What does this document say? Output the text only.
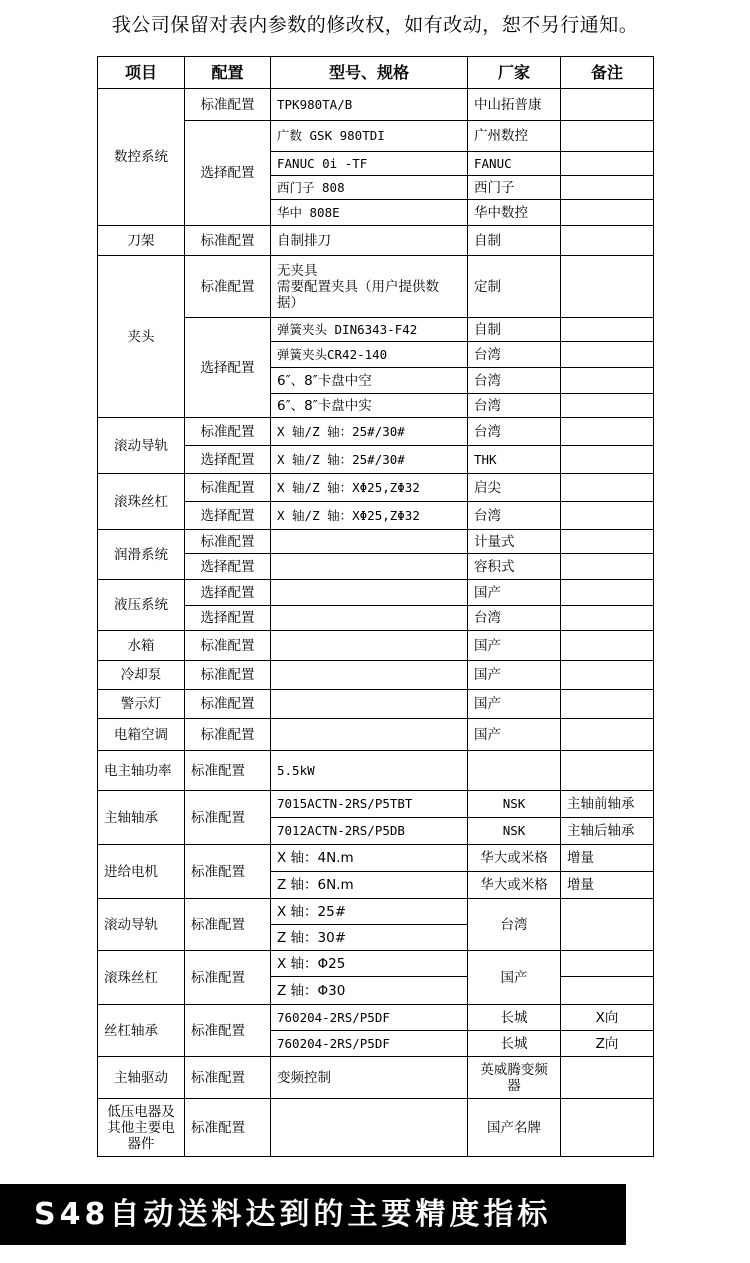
我公司保留对表内参数的修改权，如有改动，恕不另行通知。
项目	配置	型号、规格	厂家	备注
数控系统	标准配置	TPK980TA/B	中山拓普康	
	选择配置	广数 GSK 980TDI	广州数控	
		FANUC 0i -TF	FANUC	
		西门子 808	西门子	
		华中 808E	华中数控	
刀架	标准配置	自制排刀	自制	
夹头	标准配置	无夹具
需要配置夹具（用户提供数
据）	定制	
	选择配置	弹簧夹头 DIN6343-F42	自制	
		弹簧夹头CR42-140	台湾	
		6″、8″卡盘中空	台湾	
		6″、8″卡盘中实	台湾	
滚动导轨	标准配置	X 轴/Z 轴：25#/30#	台湾	
	选择配置	X 轴/Z 轴：25#/30#	THK	
滚珠丝杠	标准配置	X 轴/Z 轴：XΦ25,ZΦ32	启尖	
	选择配置	X 轴/Z 轴：XΦ25,ZΦ32	台湾	
润滑系统	标准配置		计量式	
	选择配置		容积式	
液压系统	选择配置		国产	
	选择配置		台湾	
水箱	标准配置		国产	
冷却泵	标准配置		国产	
警示灯	标准配置		国产	
电箱空调	标准配置		国产	
电主轴功率	标准配置	5.5kW		
主轴轴承	标准配置	7015ACTN-2RS/P5TBT	NSK	主轴前轴承
		7012ACTN-2RS/P5DB	NSK	主轴后轴承
进给电机	标准配置	X 轴：4N.m	华大或米格	增量
		Z 轴：6N.m	华大或米格	增量
滚动导轨	标准配置	X 轴：25#	台湾	
		Z 轴：30#		
滚珠丝杠	标准配置	X 轴：Φ25	国产	
		Z 轴：Φ30		
丝杠轴承	标准配置	760204-2RS/P5DF	长城	X向
		760204-2RS/P5DF	长城	Z向
主轴驱动	标准配置	变频控制	英威腾变频器	
低压电器及其他主要电器件	标准配置		国产名牌	
S48自动送料达到的主要精度指标
